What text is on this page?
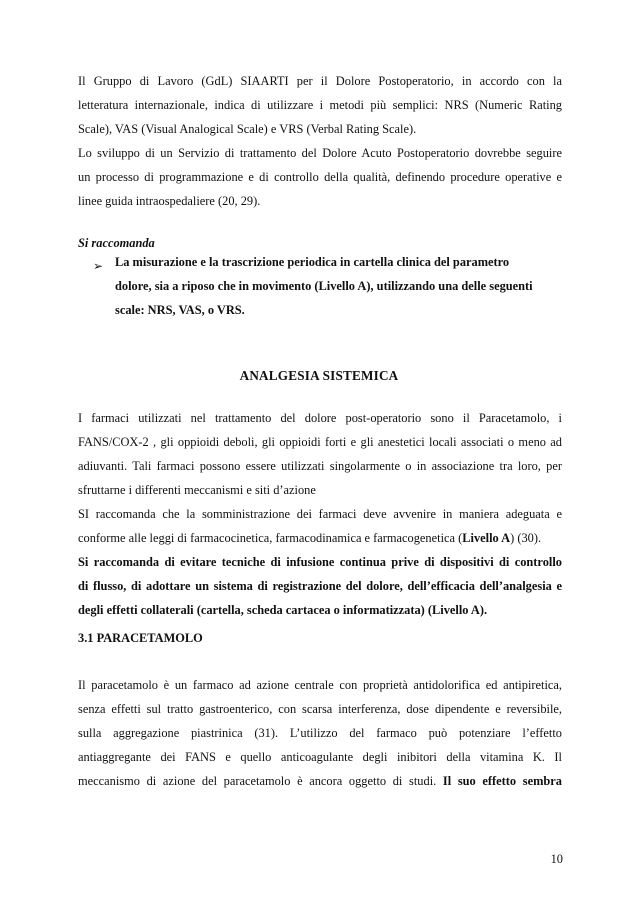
Il Gruppo di Lavoro (GdL) SIAARTI per il Dolore Postoperatorio, in accordo con la
letteratura internazionale, indica di utilizzare i metodi più semplici: NRS (Numeric Rating
Scale), VAS (Visual Analogical Scale) e VRS (Verbal Rating Scale).
Lo sviluppo di un Servizio di trattamento del Dolore Acuto Postoperatorio dovrebbe seguire
un processo di programmazione e di controllo della qualità, definendo procedure operative e
linee guida intraospedaliere (20, 29).
Si raccomanda
➢ La misurazione e la trascrizione periodica in cartella clinica del parametro
dolore, sia a riposo che in movimento (Livello A), utilizzando una delle seguenti
scale: NRS, VAS, o VRS.
ANALGESIA SISTEMICA
I farmaci utilizzati nel trattamento del dolore post-operatorio sono il Paracetamolo, i
FANS/COX-2 , gli oppioidi deboli, gli oppioidi forti e gli anestetici locali associati o meno ad
adiuvanti. Tali farmaci possono essere utilizzati singolarmente o in associazione tra loro, per
sfruttarne i differenti meccanismi e siti d’azione
SI raccomanda che la somministrazione dei farmaci deve avvenire in maniera adeguata e
conforme alle leggi di farmacocinetica, farmacodinamica e farmacogenetica (Livello A) (30).
Si raccomanda di evitare tecniche di infusione continua prive di dispositivi di controllo
di flusso, di adottare un sistema di registrazione del dolore, dell’efficacia dell’analgesia e
degli effetti collaterali (cartella, scheda cartacea o informatizzata) (Livello A).
3.1 PARACETAMOLO
Il paracetamolo è un farmaco ad azione centrale con proprietà antidolorifica ed antipiretica,
senza effetti sul tratto gastroenterico, con scarsa interferenza, dose dipendente e reversibile,
sulla aggregazione piastrinica (31). L’utilizzo del farmaco può potenziare l’effetto
antiaggregante dei FANS e quello anticoagulante degli inibitori della vitamina K. Il
meccanismo di azione del paracetamolo è ancora oggetto di studi. Il suo effetto sembra
10
